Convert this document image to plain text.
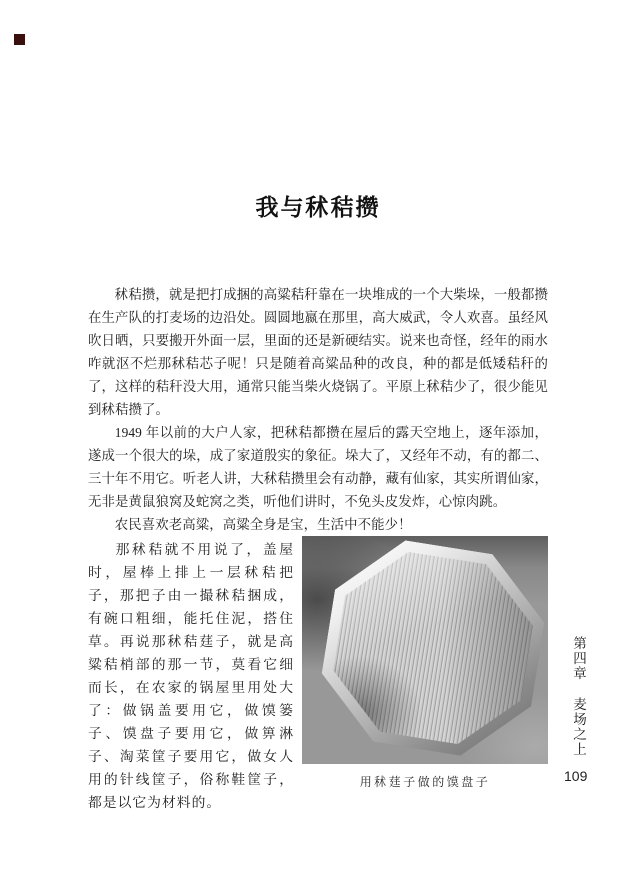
我与秫秸攒

秫秸攒，就是把打成捆的高粱秸秆靠在一块堆成的一个大柴垛，一般都攒在生产队的打麦场的边沿处。圆圆地嬴在那里，高大威武，令人欢喜。虽经风吹日晒，只要搬开外面一层，里面的还是新硬结实。说来也奇怪，经年的雨水咋就沤不烂那秫秸芯子呢！只是随着高粱品种的改良，种的都是低矮秸秆的了，这样的秸秆没大用，通常只能当柴火烧锅了。平原上秫秸少了，很少能见到秫秸攒了。

1949 年以前的大户人家，把秫秸都攒在屋后的露天空地上，逐年添加，遂成一个很大的垛，成了家道殷实的象征。垛大了，又经年不动，有的都二、三十年不用它。听老人讲，大秫秸攒里会有动静，藏有仙家，其实所谓仙家，无非是黄鼠狼窝及蛇窝之类，听他们讲时，不免头皮发炸，心惊肉跳。

农民喜欢老高粱，高粱全身是宝，生活中不能少！

那秫秸就不用说了，盖屋时，屋棒上排上一层秫秸把子，那把子由一撮秫秸捆成，有碗口粗细，能托住泥，搭住草。再说那秫秸莛子，就是高粱秸梢部的那一节，莫看它细而长，在农家的锅屋里用处大了：做锅盖要用它，做馍篓子、馍盘子要用它，做箅淋子、淘菜筐子要用它，做女人用的针线筐子，俗称鞋筐子，都是以它为材料的。

用秫莛子做的馍盘子
第四章 麦场之上
109
